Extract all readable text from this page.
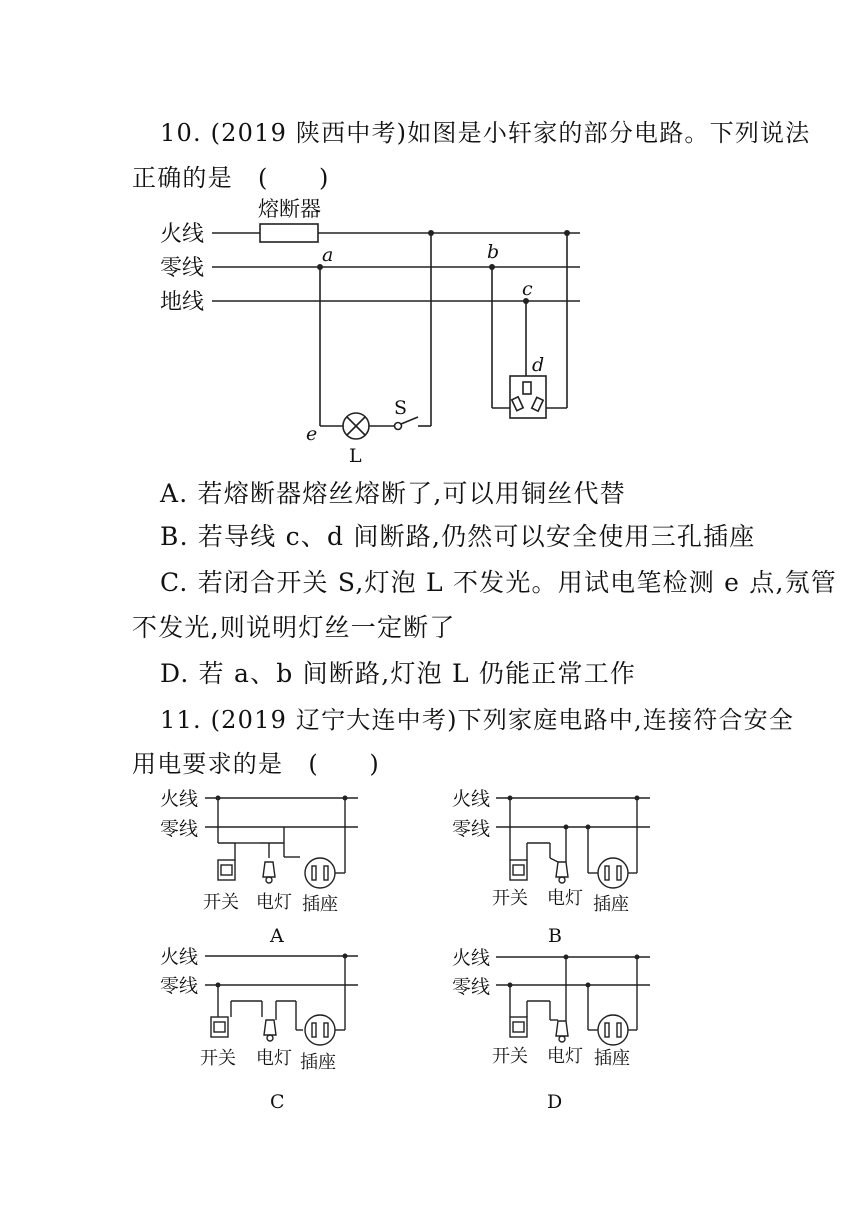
10. (2019 陕西中考)如图是小轩家的部分电路。下列说法
正确的是　(　　)
熔断器
火线
零线
地线
a	b
c
d
e
S
L
A. 若熔断器熔丝熔断了,可以用铜丝代替
B. 若导线 c、d 间断路,仍然可以安全使用三孔插座
C. 若闭合开关 S,灯泡 L 不发光。用试电笔检测 e 点,氖管
不发光,则说明灯丝一定断了
D. 若 a、b 间断路,灯泡 L 仍能正常工作
11. (2019 辽宁大连中考)下列家庭电路中,连接符合安全
用电要求的是　(　　)
火线
零线
开关 电灯 插座
A
火线
零线
开关 电灯 插座
B
火线
零线
开关 电灯 插座
C
火线
零线
开关 电灯 插座
D
